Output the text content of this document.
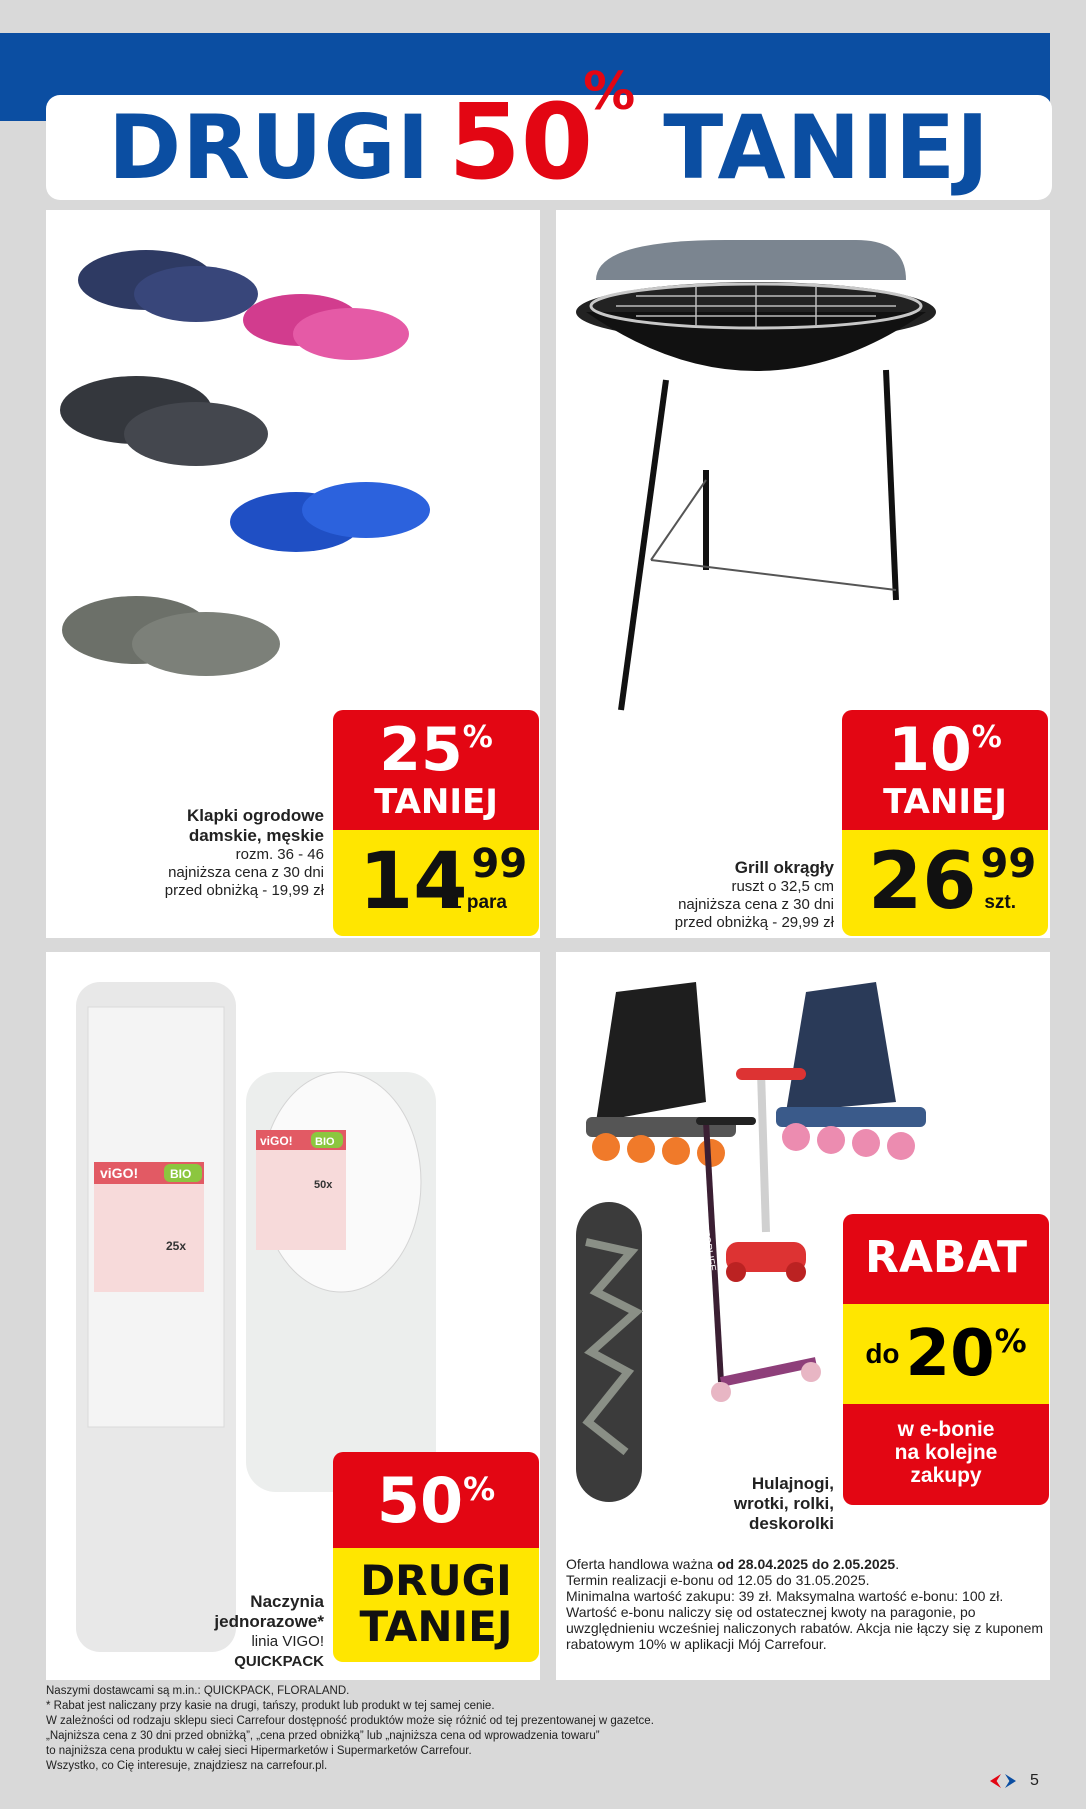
DRUGI 50
%
TANIEJ
25%
TANIEJ
14 99
1 para
Klapki ogrodowe
damskie, męskie
rozm. 36 - 46
najniższa cena z 30 dni
przed obniżką - 19,99 zł
10%
TANIEJ
26 99
szt.
Grill okrągły
ruszt o 32,5 cm
najniższa cena z 30 dni
przed obniżką - 29,99 zł
viGO!	BIO
25x
viGO! BIO
50x
50%
DRUGI
TANIEJ
Naczynia
jednorazowe*
linia VIGO!
QUICKPACK
C-TOPLIFE	RABAT
do 20%
w e-bonie
na kolejne
zakupy
Hulajnogi,
wrotki, rolki,
deskorolki
Oferta handlowa ważna od 28.04.2025 do 2.05.2025.
Termin realizacji e-bonu od 12.05 do 31.05.2025.
Minimalna wartość zakupu: 39 zł. Maksymalna wartość e-bonu: 100 zł. Wartość e-bonu naliczy się od ostatecznej kwoty na paragonie, po uwzględnieniu wcześniej naliczonych rabatów. Akcja nie łączy się z kuponem rabatowym 10% w aplikacji Mój Carrefour.
Naszymi dostawcami są m.in.: QUICKPACK, FLORALAND.
* Rabat jest naliczany przy kasie na drugi, tańszy, produkt lub produkt w tej samej cenie.
W zależności od rodzaju sklepu sieci Carrefour dostępność produktów może się różnić od tej prezentowanej w gazetce.
„Najniższa cena z 30 dni przed obniżką”, „cena przed obniżką” lub „najniższa cena od wprowadzenia towaru”
to najniższa cena produktu w całej sieci Hipermarketów i Supermarketów Carrefour.
Wszystko, co Cię interesuje, znajdziesz na carrefour.pl.
5
